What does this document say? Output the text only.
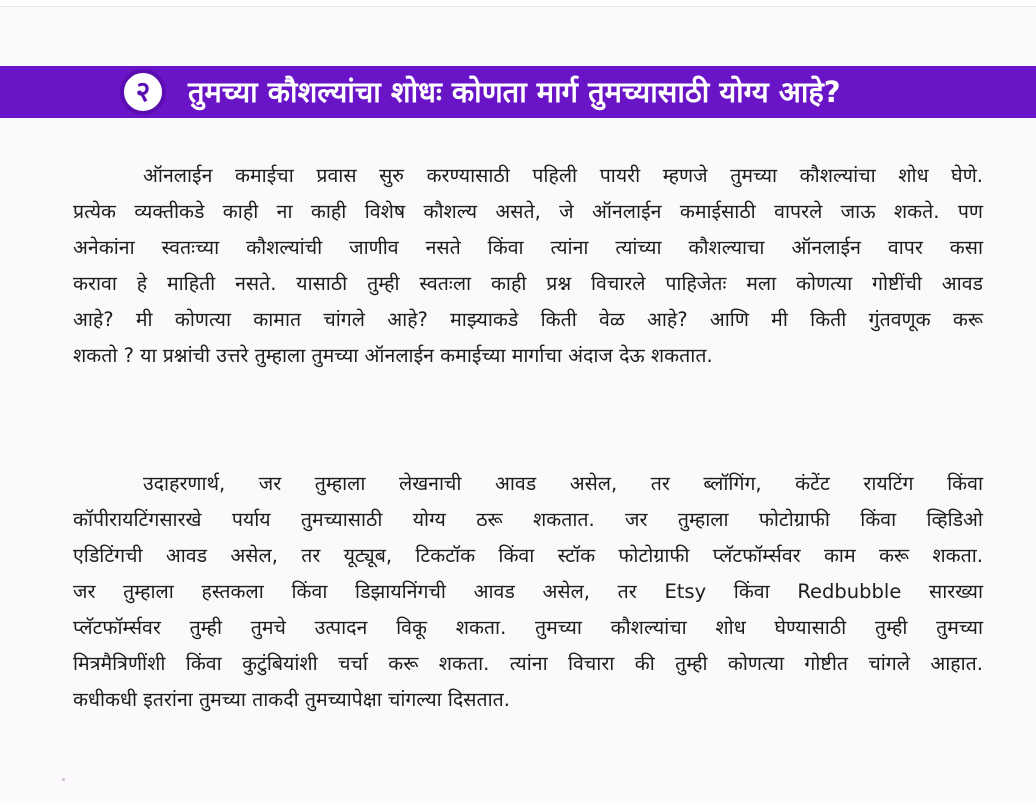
२	तुमच्या कौशल्यांचा शोधः कोणता मार्ग तुमच्यासाठी योग्य आहे?
ऑनलाईन कमाईचा प्रवास सुरु करण्यासाठी पहिली पायरी म्हणजे तुमच्या कौशल्यांचा शोध घेणे.
प्रत्येक व्यक्तीकडे काही ना काही विशेष कौशल्य असते, जे ऑनलाईन कमाईसाठी वापरले जाऊ शकते. पण
अनेकांना स्वतःच्या कौशल्यांची जाणीव नसते किंवा त्यांना त्यांच्या कौशल्याचा ऑनलाईन वापर कसा
करावा हे माहिती नसते. यासाठी तुम्ही स्वतःला काही प्रश्न विचारले पाहिजेतः मला कोणत्या गोष्टींची आवड
आहे? मी कोणत्या कामात चांगले आहे? माझ्याकडे किती वेळ आहे? आणि मी किती गुंतवणूक करू
शकतो ? या प्रश्नांची उत्तरे तुम्हाला तुमच्या ऑनलाईन कमाईच्या मार्गाचा अंदाज देऊ शकतात.
उदाहरणार्थ, जर तुम्हाला लेखनाची आवड असेल, तर ब्लॉगिंग, कंटेंट रायटिंग किंवा
कॉपीरायटिंगसारखे पर्याय तुमच्यासाठी योग्य ठरू शकतात. जर तुम्हाला फोटोग्राफी किंवा व्हिडिओ
एडिटिंगची आवड असेल, तर यूट्यूब, टिकटॉक किंवा स्टॉक फोटोग्राफी प्लॅटफॉर्म्सवर काम करू शकता.
जर तुम्हाला हस्तकला किंवा डिझायनिंगची आवड असेल, तर Etsy किंवा Redbubble सारख्या
प्लॅटफॉर्म्सवर तुम्ही तुमचे उत्पादन विकू शकता. तुमच्या कौशल्यांचा शोध घेण्यासाठी तुम्ही तुमच्या
मित्रमैत्रिणींशी किंवा कुटुंबियांशी चर्चा करू शकता. त्यांना विचारा की तुम्ही कोणत्या गोष्टीत चांगले आहात.
कधीकधी इतरांना तुमच्या ताकदी तुमच्यापेक्षा चांगल्या दिसतात.
